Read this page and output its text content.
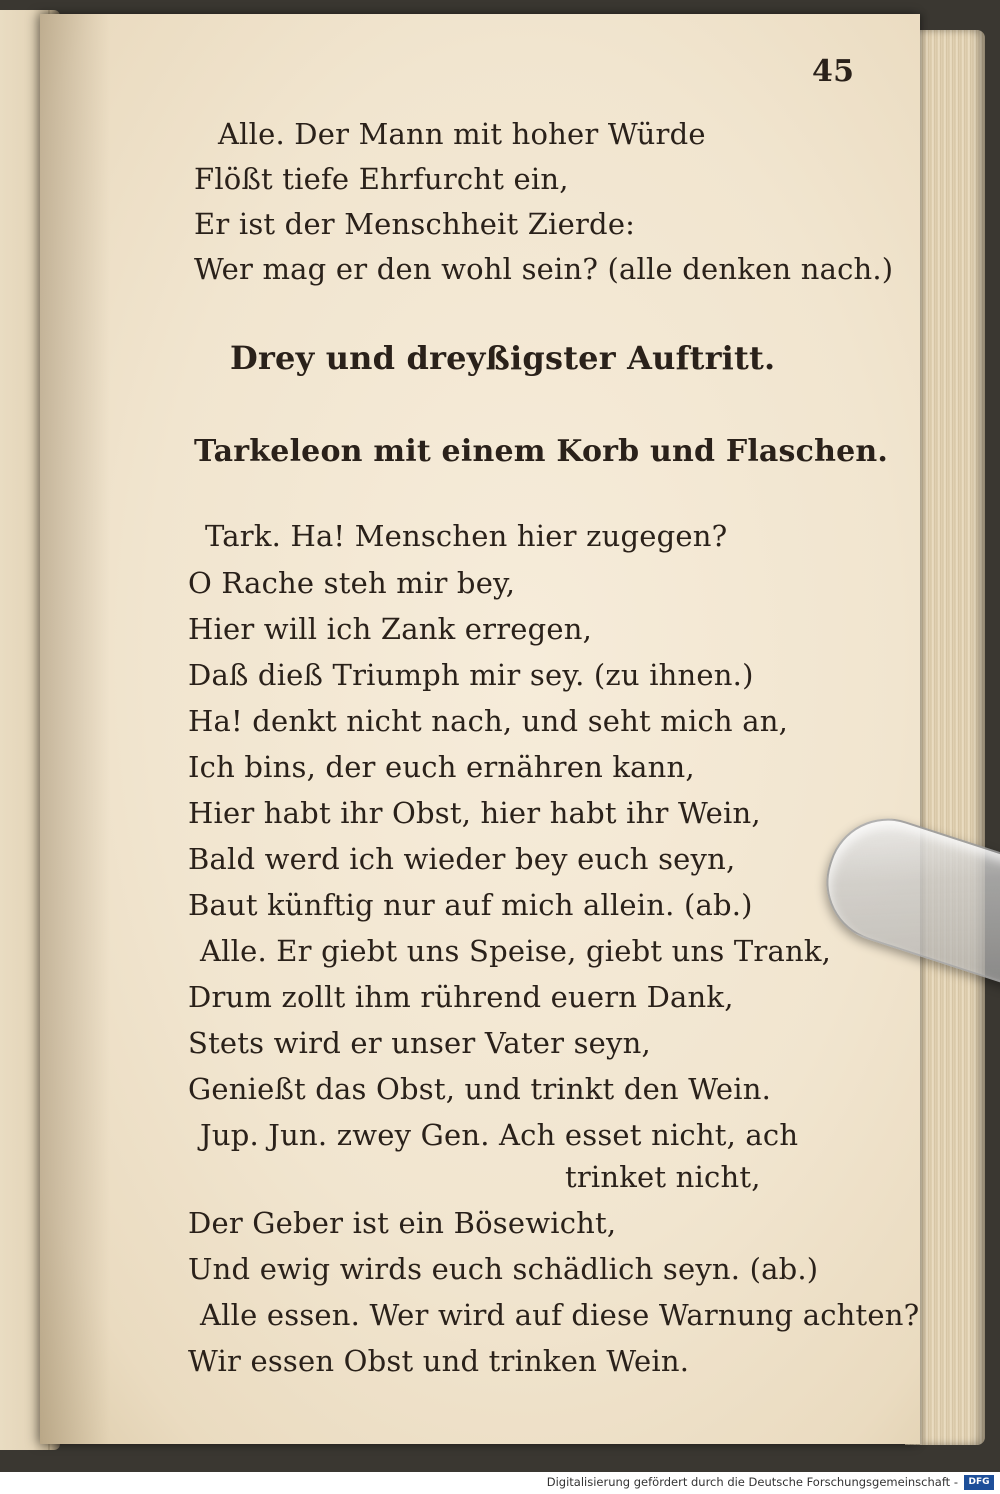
45
Alle. Der Mann mit hoher Würde
Flößt tiefe Ehrfurcht ein,
Er ist der Menschheit Zierde:
Wer mag er den wohl sein? (alle denken nach.)
Drey und dreyßigster Auftritt.
Tarkeleon mit einem Korb und Flaschen.
Tark. Ha! Menschen hier zugegen?
O Rache steh mir bey,
Hier will ich Zank erregen,
Daß dieß Triumph mir sey. (zu ihnen.)
Ha! denkt nicht nach, und seht mich an,
Ich bins, der euch ernähren kann,
Hier habt ihr Obst, hier habt ihr Wein,
Bald werd ich wieder bey euch seyn,
Baut künftig nur auf mich allein. (ab.)
Alle. Er giebt uns Speise, giebt uns Trank,
Drum zollt ihm rührend euern Dank,
Stets wird er unser Vater seyn,
Genießt das Obst, und trinkt den Wein.
Jup. Jun. zwey Gen. Ach esset nicht, ach
trinket nicht,
Der Geber ist ein Bösewicht,
Und ewig wirds euch schädlich seyn. (ab.)
Alle essen. Wer wird auf diese Warnung achten?
Wir essen Obst und trinken Wein.
Digitalisierung gefördert durch die Deutsche Forschungsgemeinschaft -	DFG
